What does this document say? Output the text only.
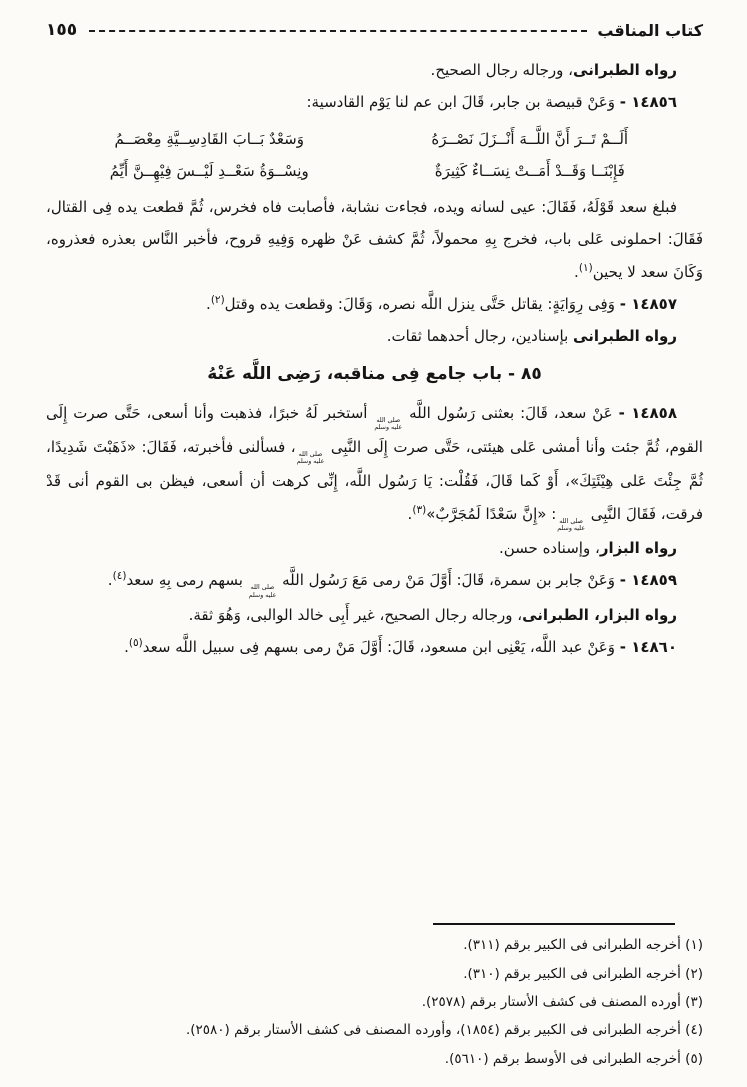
كتاب المناقب
١٥٥

رواه الطبرانى، ورجاله رجال الصحيح.

١٤٨٥٦ - وَعَنْ قبيصة بن جابر، قَالَ ابن عم لنا يَوْم القادسية:

أَلَــمْ تَــرَ أَنَّ اللَّــهَ أَنْــزَلَ نَصْــرَهُ
وَسَعْدٌ بَــابَ القَادِسِــيَّةِ مِعْصَــمُ
فَإِبْنَــا وَقَــدْ أَمَــتْ نِسَــاءٌ كَثِيرَةٌ
ونِسْــوَةُ سَعْــدِ لَيْــسَ فِيْهِــنَّ أَيِّمُ

فبلغ سعد قَوْلَهُ، فَقَالَ: عيى لسانه ويده، فجاءت نشابة، فأصابت فاه فخرس، ثُمَّ قطعت يده فِى القتال، فَقَالَ: احملونى عَلى باب، فخرج بِهِ محمولاً، ثُمَّ كشف عَنْ ظهره وَفِيهِ قروح، فأخبر النَّاس بعذره فعذروه، وَكَانَ سعد لا يحين$^{(١)}$.

١٤٨٥٧ - وَفِى رِوَايَةٍ: يقاتل حَتَّى ينزل اللَّه نصره، وَقَالَ: وقطعت يده وقتل$^{(٢)}$.

رواه الطبرانى بإسنادين، رجال أحدهما ثقات.

٨٥ - باب جامع فِى مناقبه، رَضِى اللَّه عَنْهُ

١٤٨٥٨ - عَنْ سعد، قَالَ: بعثنى رَسُول اللَّه
صلى الله
عليه وسلم
أستخبر لَهُ خبرًا، فذهبت وأنا أسعى، حَتَّى صرت إِلَى القوم، ثُمَّ جئت وأنا أمشى عَلى هيئتى، حَتَّى صرت إِلَى النَّبِى
صلى الله
عليه وسلم
، فسألنى فأخبرته، فَقَالَ: «ذَهَبْتَ شَدِيدًا، ثُمَّ جِئْتَ عَلى هِيْئَتِكَ»، أَوْ كَما قَالَ، فَقُلْت: يَا رَسُول اللَّه، إِنِّى كرهت أن أسعى، فيظن بى القوم أنى قَدْ فرقت، فَقَالَ النَّبِى
صلى الله
عليه وسلم
: «إِنَّ سَعْدًا لَمُجَرَّبٌ»$^{(٣)}$.

رواه البزار، وإسناده حسن.

١٤٨٥٩ - وَعَنْ جابر بن سمرة، قَالَ: أَوَّلَ مَنْ رمى مَعَ رَسُول اللَّه
صلى الله
عليه وسلم
بسهم رمى بِهِ سعد$^{(٤)}$.

رواه البزار، الطبرانى، ورجاله رجال الصحيح، غير أَبِى خالد الوالبى، وَهُوَ ثقة.

١٤٨٦٠ - وَعَنْ عبد اللَّه، يَعْنِى ابن مسعود، قَالَ: أَوَّلَ مَنْ رمى بسهم فِى سبيل اللَّه سعد$^{(٥)}$.

(١) أخرجه الطبرانى فى الكبير برقم (٣١١).

(٢) أخرجه الطبرانى فى الكبير برقم (٣١٠).

(٣) أورده المصنف فى كشف الأستار برقم (٢٥٧٨).

(٤) أخرجه الطبرانى فى الكبير برقم (١٨٥٤)، وأورده المصنف فى كشف الأستار برقم (٢٥٨٠).

(٥) أخرجه الطبرانى فى الأوسط برقم (٥٦١٠).
